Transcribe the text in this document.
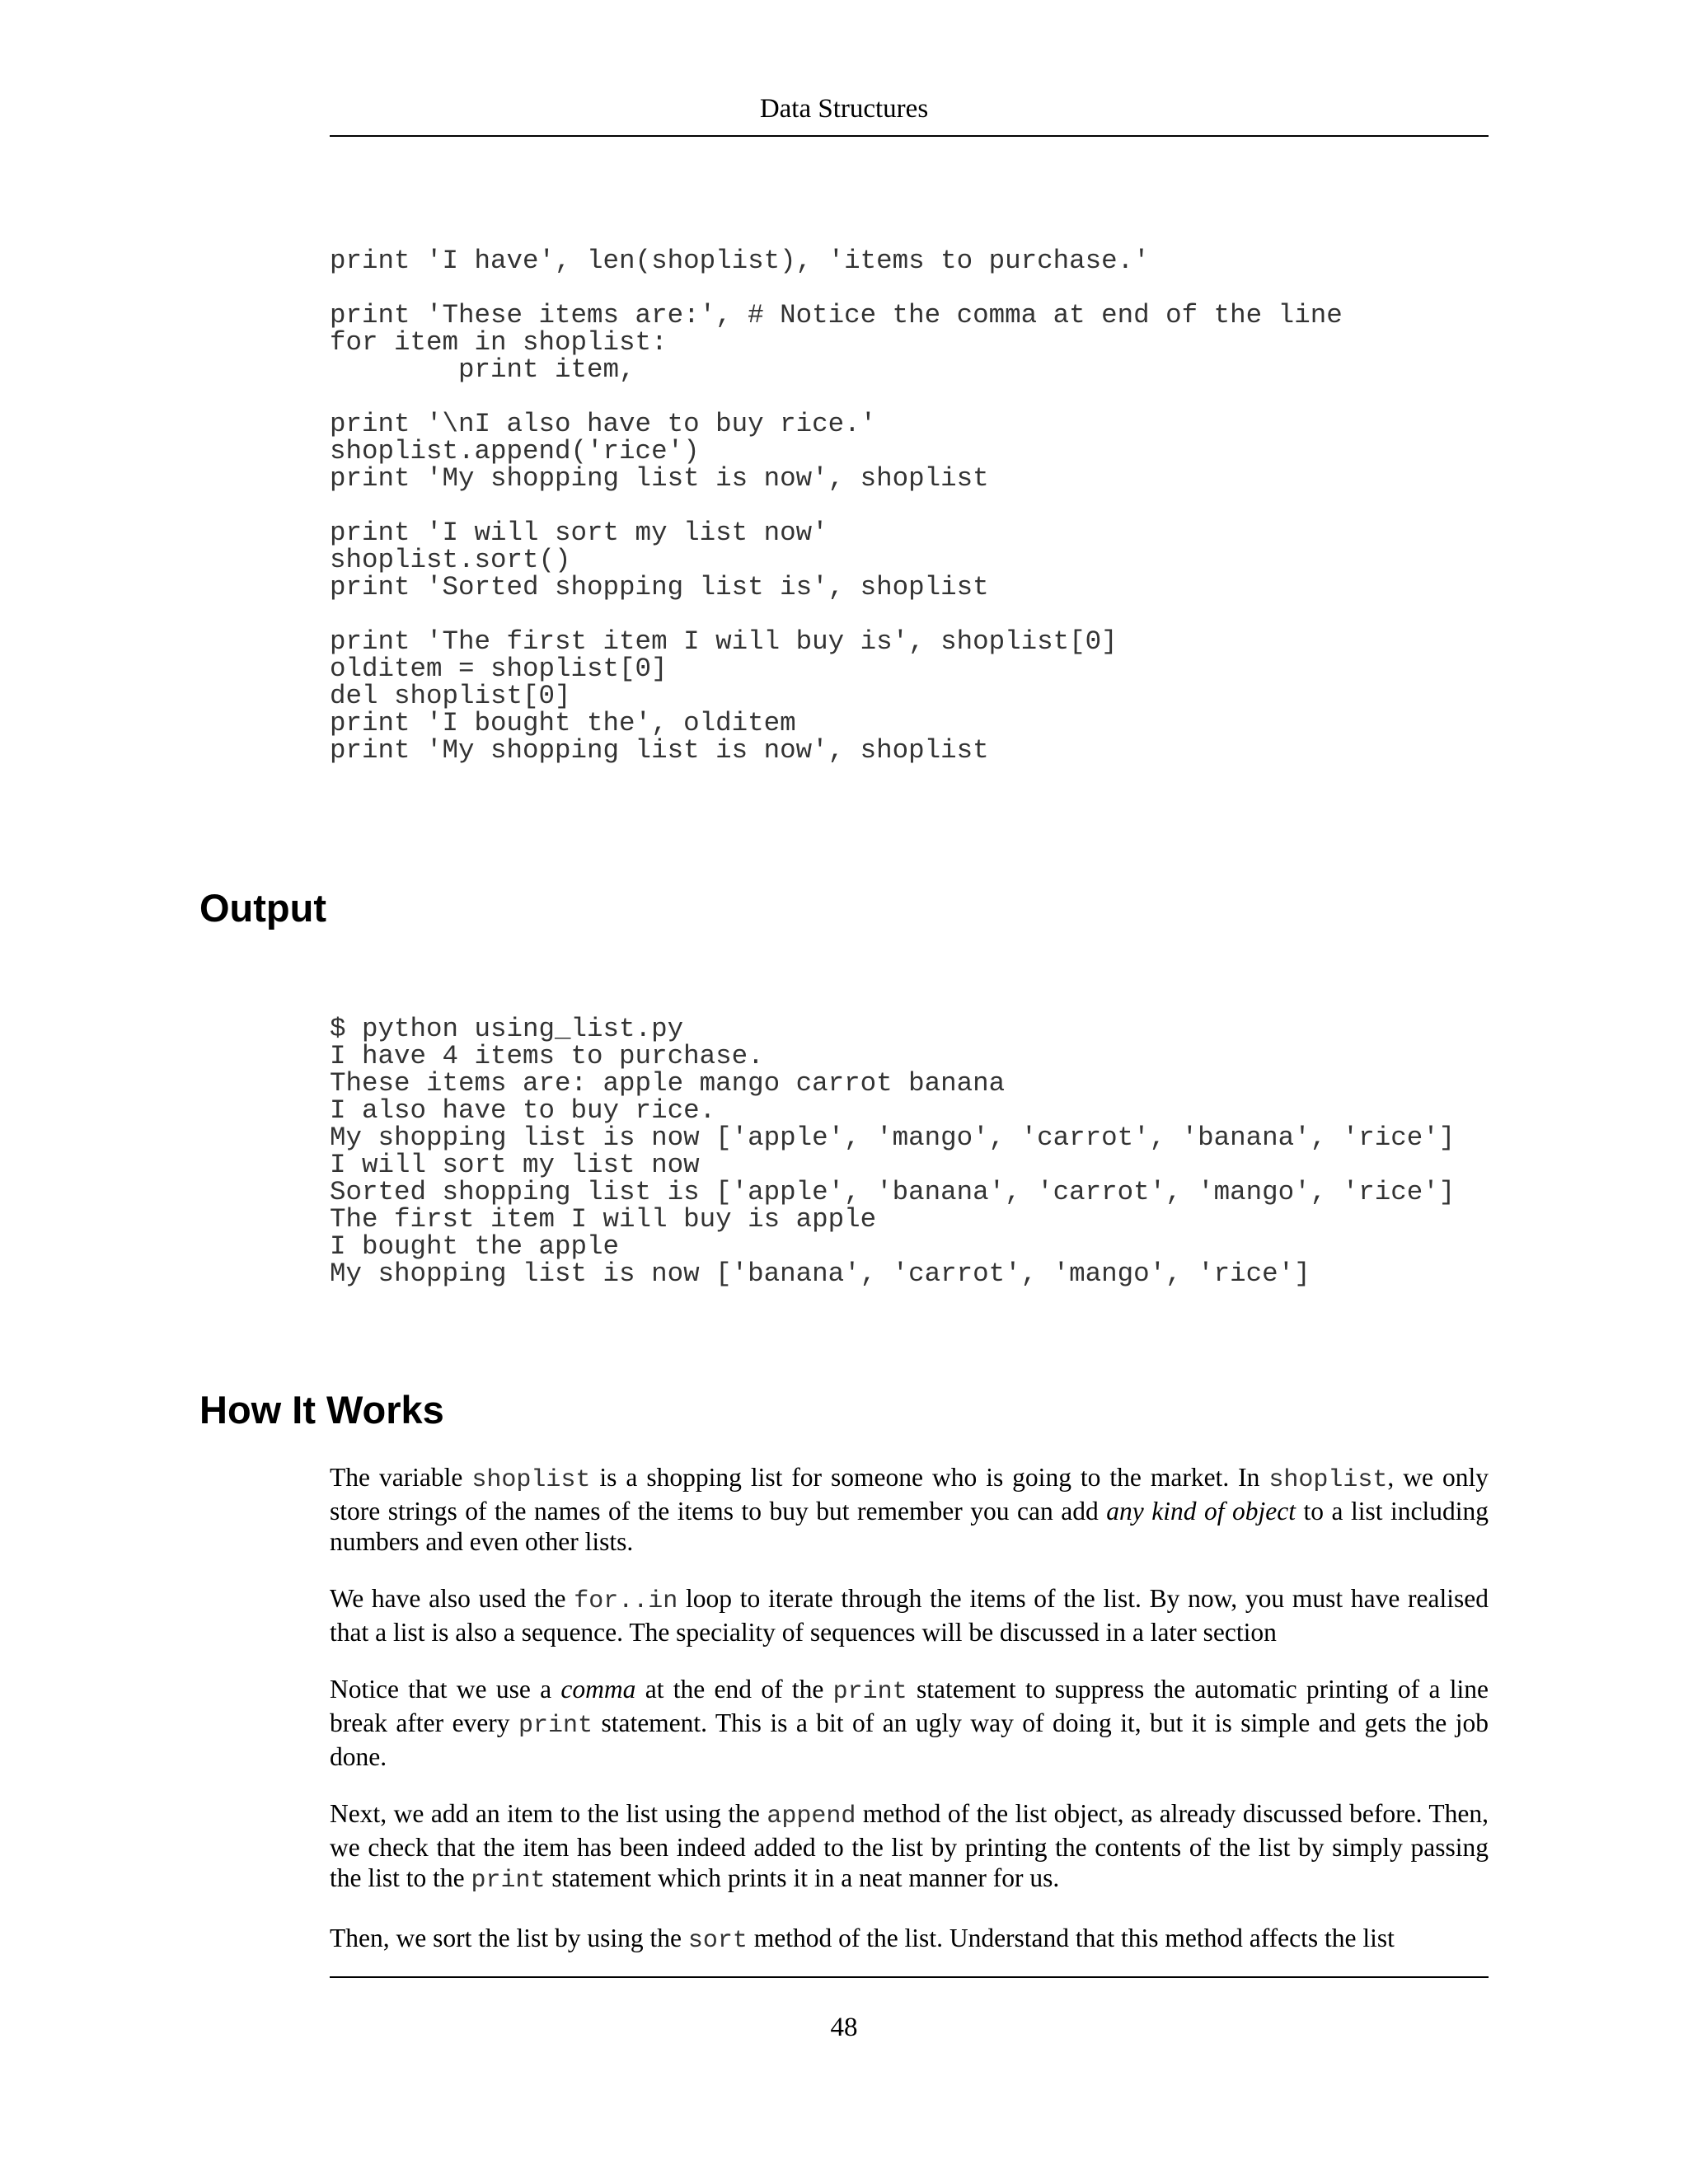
Data Structures
print 'I have', len(shoplist), 'items to purchase.'

print 'These items are:', # Notice the comma at end of the line
for item in shoplist:
print item,

print '\nI also have to buy rice.'
shoplist.append('rice')
print 'My shopping list is now', shoplist

print 'I will sort my list now'
shoplist.sort()
print 'Sorted shopping list is', shoplist

print 'The first item I will buy is', shoplist[0]
olditem = shoplist[0]
del shoplist[0]
print 'I bought the', olditem
print 'My shopping list is now', shoplist
Output
$ python using_list.py
I have 4 items to purchase.
These items are: apple mango carrot banana
I also have to buy rice.
My shopping list is now ['apple', 'mango', 'carrot', 'banana', 'rice']
I will sort my list now
Sorted shopping list is ['apple', 'banana', 'carrot', 'mango', 'rice']
The first item I will buy is apple
I bought the apple
My shopping list is now ['banana', 'carrot', 'mango', 'rice']
How It Works

The variable shoplist is a shopping list for someone who is going to the market. In shoplist, we only store strings of the names of the items to buy but remember you can add any kind of object to a list including numbers and even other lists.

We have also used the for..in loop to iterate through the items of the list. By now, you must have realised that a list is also a sequence. The speciality of sequences will be discussed in a later section

Notice that we use a comma at the end of the print statement to suppress the automatic printing of a line break after every print statement. This is a bit of an ugly way of doing it, but it is simple and gets the job done.

Next, we add an item to the list using the append method of the list object, as already discussed before. Then, we check that the item has been indeed added to the list by printing the contents of the list by simply passing the list to the print statement which prints it in a neat manner for us.

Then, we sort the list by using the sort method of the list. Understand that this method affects the list

48
